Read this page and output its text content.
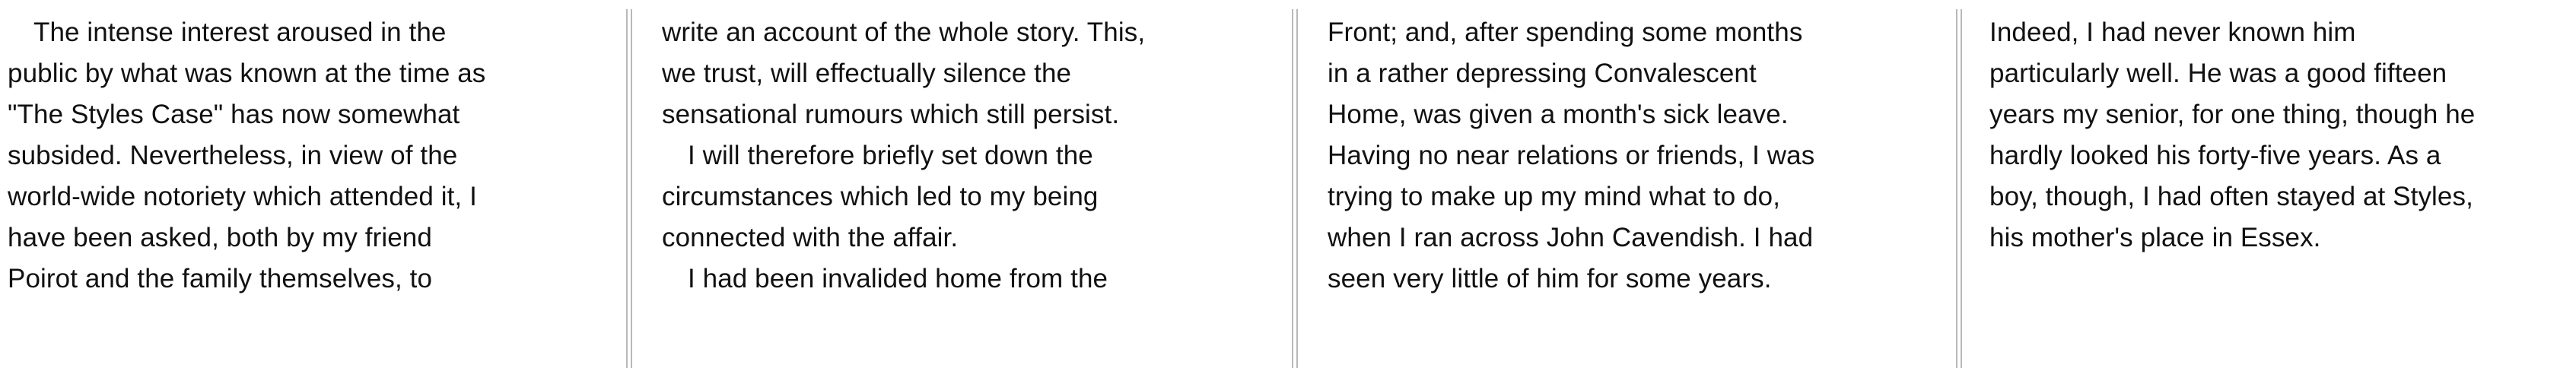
The intense interest aroused in the
public by what was known at the time as
"The Styles Case" has now somewhat
subsided. Nevertheless, in view of the
world-wide notoriety which attended it, I
have been asked, both by my friend
Poirot and the family themselves, to
write an account of the whole story. This,
we trust, will effectually silence the
sensational rumours which still persist.
I will therefore briefly set down the
circumstances which led to my being
connected with the affair.
I had been invalided home from the
Front; and, after spending some months
in a rather depressing Convalescent
Home, was given a month's sick leave.
Having no near relations or friends, I was
trying to make up my mind what to do,
when I ran across John Cavendish. I had
seen very little of him for some years.
Indeed, I had never known him
particularly well. He was a good fifteen
years my senior, for one thing, though he
hardly looked his forty-five years. As a
boy, though, I had often stayed at Styles,
his mother's place in Essex.
